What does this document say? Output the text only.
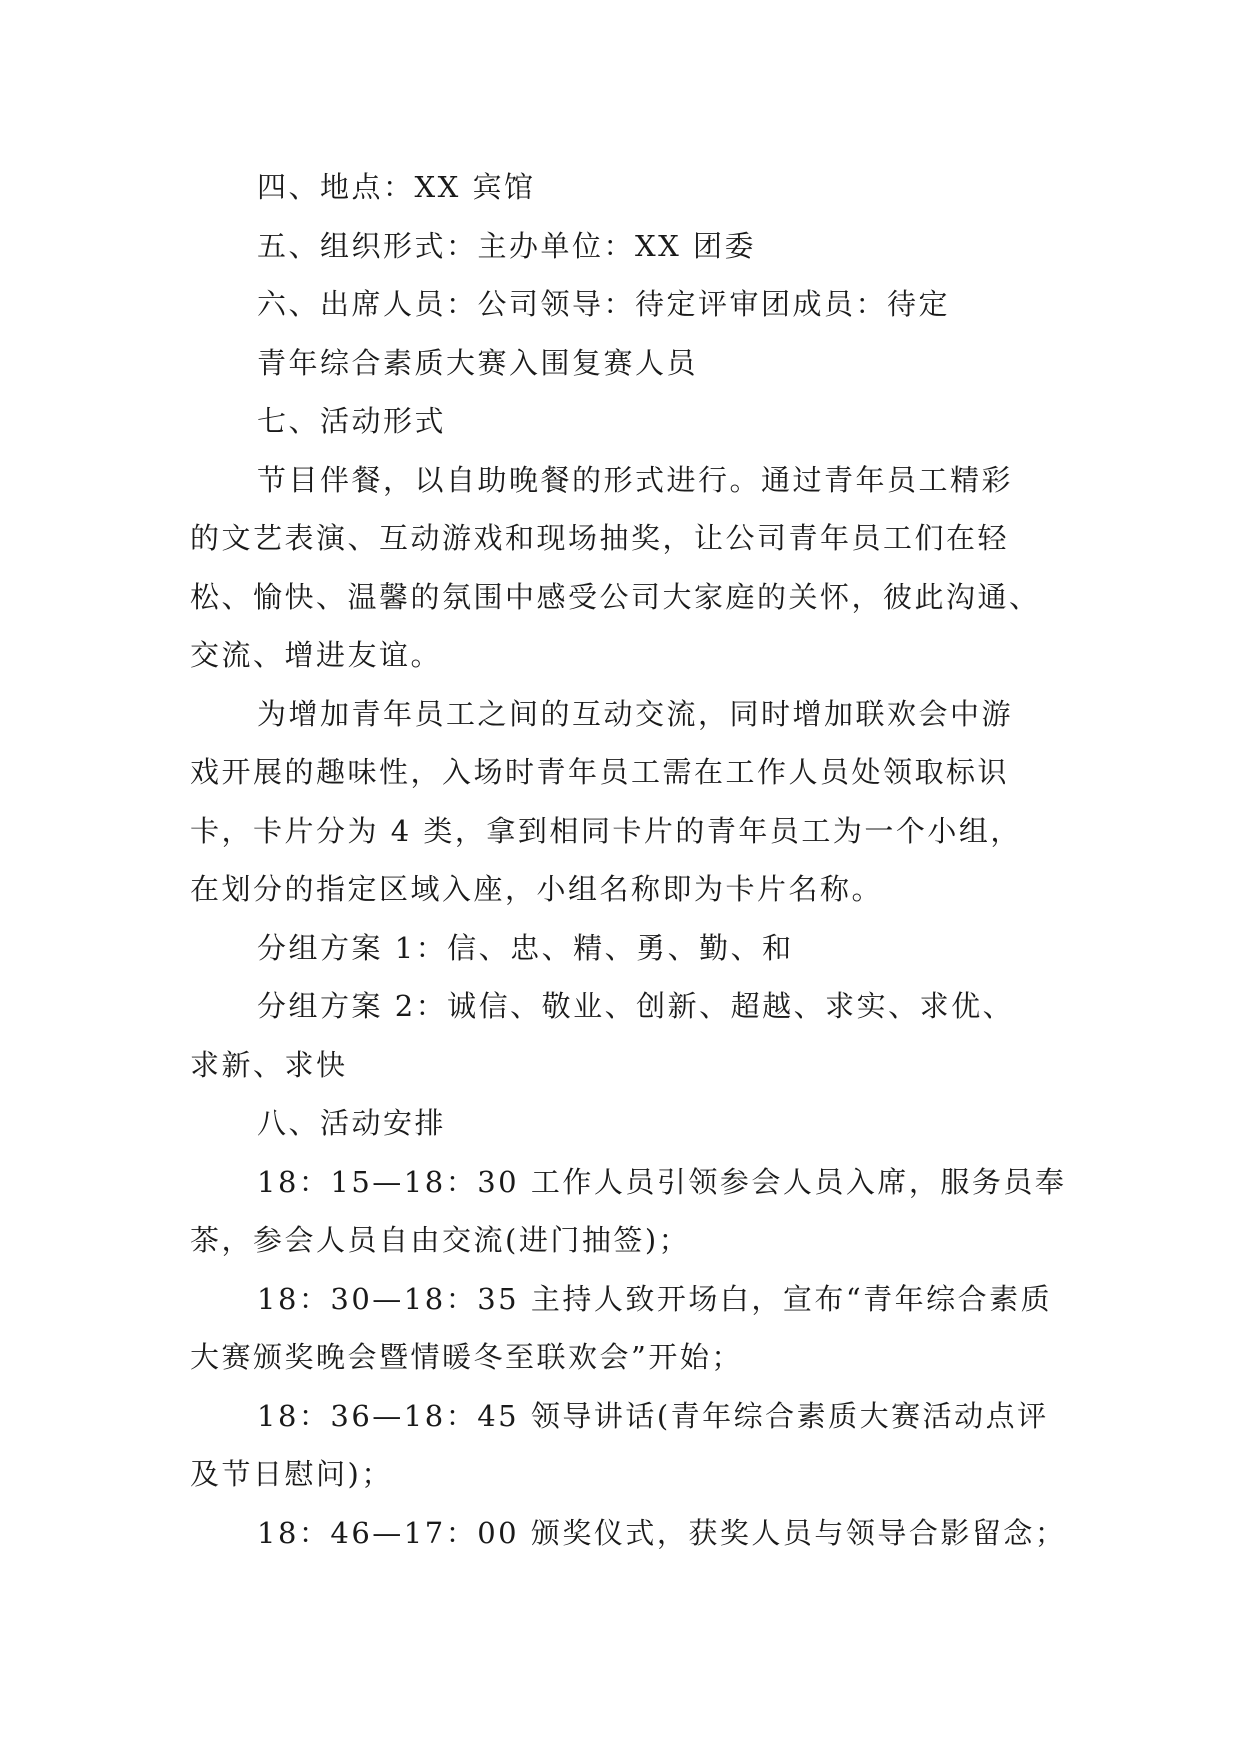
四、地点：XX 宾馆

五、组织形式：主办单位：XX 团委

六、出席人员：公司领导：待定评审团成员：待定

青年综合素质大赛入围复赛人员

七、活动形式

节目伴餐，以自助晚餐的形式进行。通过青年员工精彩

的文艺表演、互动游戏和现场抽奖，让公司青年员工们在轻

松、愉快、温馨的氛围中感受公司大家庭的关怀，彼此沟通、

交流、增进友谊。

为增加青年员工之间的互动交流，同时增加联欢会中游

戏开展的趣味性，入场时青年员工需在工作人员处领取标识

卡，卡片分为 4 类，拿到相同卡片的青年员工为一个小组，

在划分的指定区域入座，小组名称即为卡片名称。

分组方案 1：信、忠、精、勇、勤、和

分组方案 2：诚信、敬业、创新、超越、求实、求优、

求新、求快

八、活动安排

18：15—18：30 工作人员引领参会人员入席，服务员奉

茶，参会人员自由交流(进门抽签)；

18：30—18：35 主持人致开场白，宣布“青年综合素质

大赛颁奖晚会暨情暖冬至联欢会”开始；

18：36—18：45 领导讲话(青年综合素质大赛活动点评

及节日慰问)；

18：46—17：00 颁奖仪式，获奖人员与领导合影留念；
